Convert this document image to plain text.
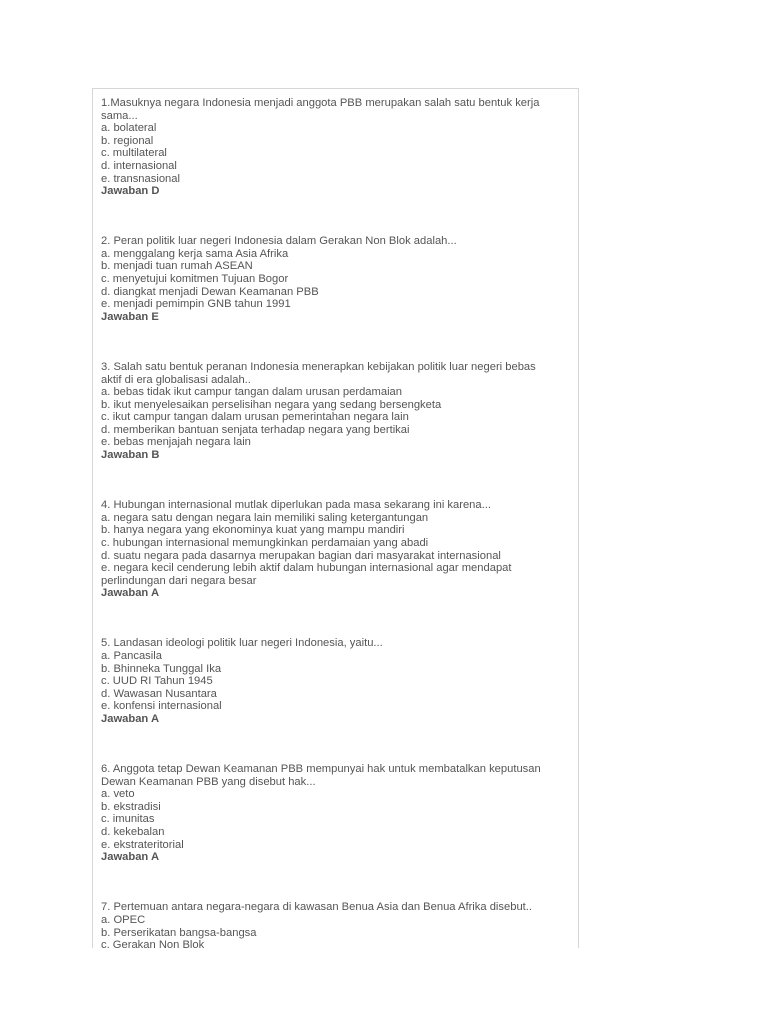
1.Masuknya negara Indonesia menjadi anggota PBB merupakan salah satu bentuk kerja
sama...
a. bolateral
b. regional
c. multilateral
d. internasional
e. transnasional
Jawaban D
2. Peran politik luar negeri Indonesia dalam Gerakan Non Blok adalah...
a. menggalang kerja sama Asia Afrika
b. menjadi tuan rumah ASEAN
c. menyetujui komitmen Tujuan Bogor
d. diangkat menjadi Dewan Keamanan PBB
e. menjadi pemimpin GNB tahun 1991
Jawaban E
3. Salah satu bentuk peranan Indonesia menerapkan kebijakan politik luar negeri bebas
aktif di era globalisasi adalah..
a. bebas tidak ikut campur tangan dalam urusan perdamaian
b. ikut menyelesaikan perselisihan negara yang sedang bersengketa
c. ikut campur tangan dalam urusan pemerintahan negara lain
d. memberikan bantuan senjata terhadap negara yang bertikai
e. bebas menjajah negara lain
Jawaban B
4. Hubungan internasional mutlak diperlukan pada masa sekarang ini karena...
a. negara satu dengan negara lain memiliki saling ketergantungan
b. hanya negara yang ekonominya kuat yang mampu mandiri
c. hubungan internasional memungkinkan perdamaian yang abadi
d. suatu negara pada dasarnya merupakan bagian dari masyarakat internasional
e. negara kecil cenderung lebih aktif dalam hubungan internasional agar mendapat
perlindungan dari negara besar
Jawaban A
5. Landasan ideologi politik luar negeri Indonesia, yaitu...
a. Pancasila
b. Bhinneka Tunggal Ika
c. UUD RI Tahun 1945
d. Wawasan Nusantara
e. konfensi internasional
Jawaban A
6. Anggota tetap Dewan Keamanan PBB mempunyai hak untuk membatalkan keputusan
Dewan Keamanan PBB yang disebut hak...
a. veto
b. ekstradisi
c. imunitas
d. kekebalan
e. ekstrateritorial
Jawaban A
7. Pertemuan antara negara-negara di kawasan Benua Asia dan Benua Afrika disebut..
a. OPEC
b. Perserikatan bangsa-bangsa
c. Gerakan Non Blok
